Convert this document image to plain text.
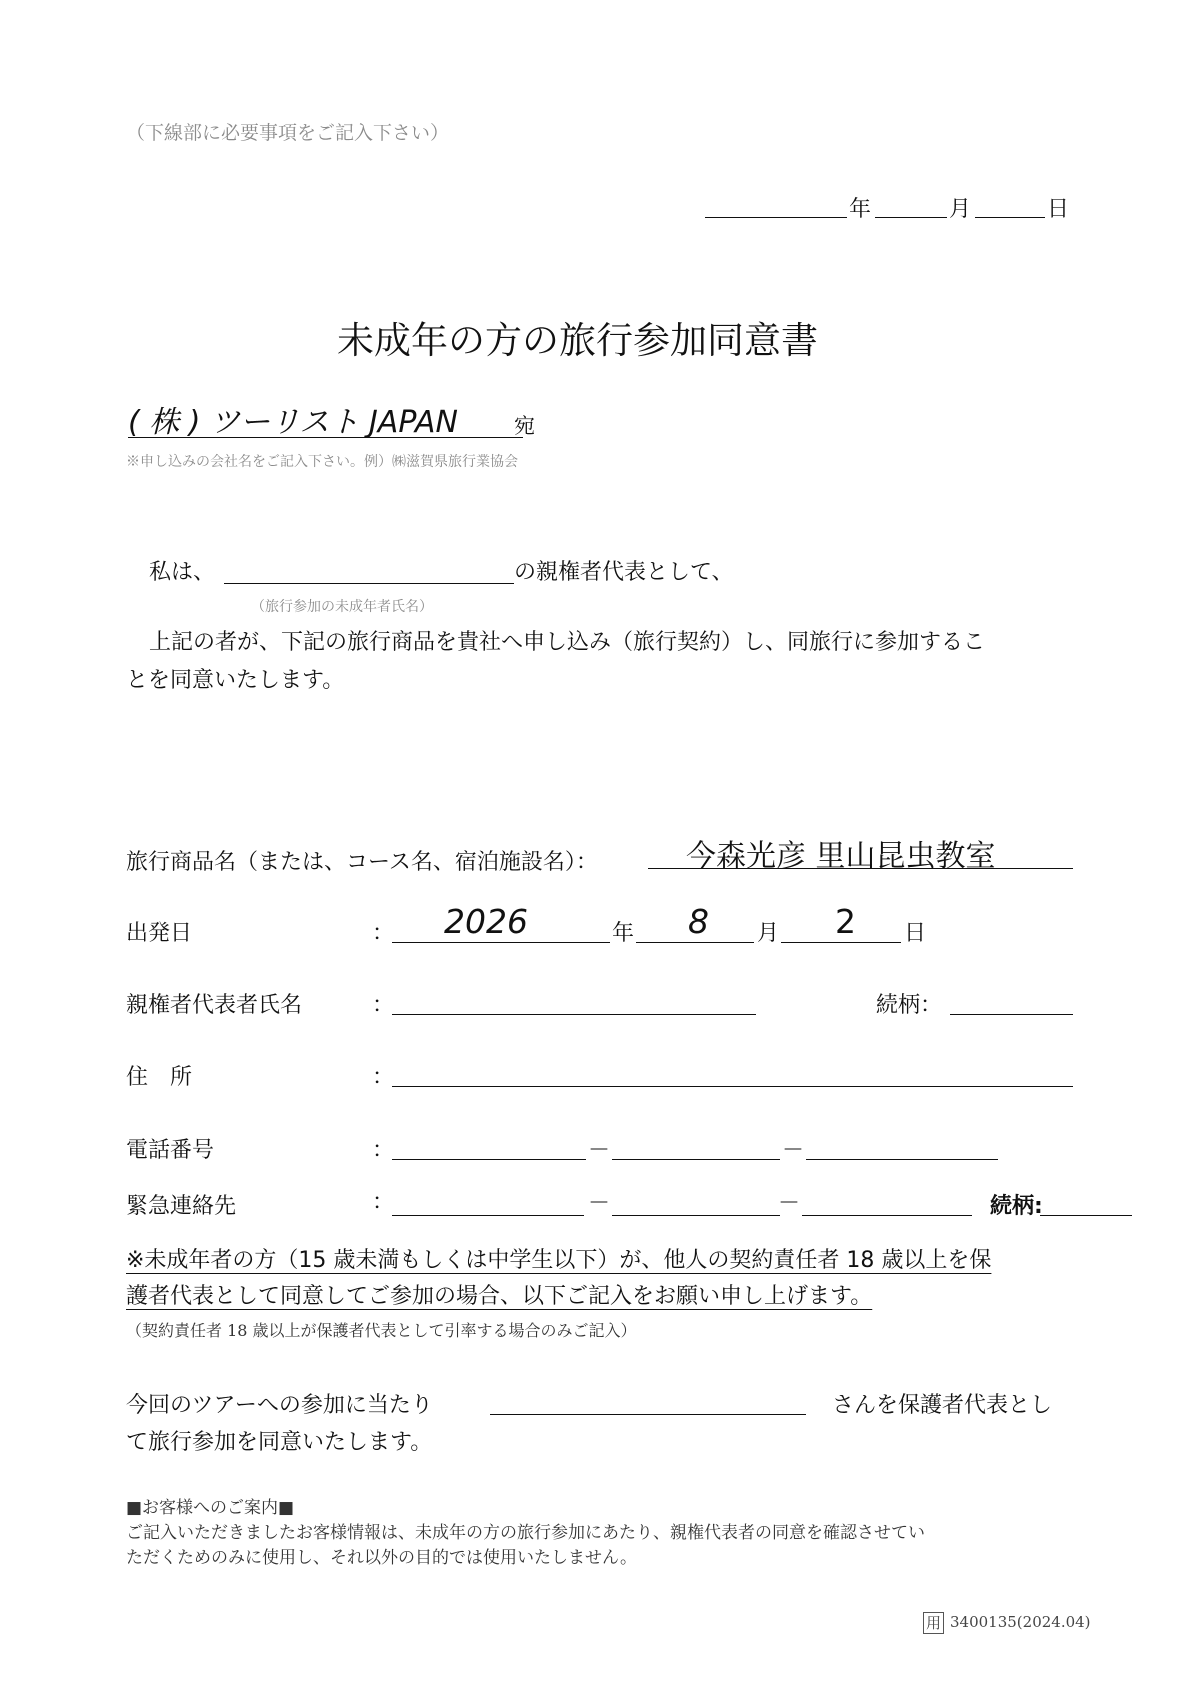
（下線部に必要事項をご記入下さい）
年	月	日
未成年の方の旅行参加同意書
( 株 ) ツーリスト JAPAN	宛
※申し込みの会社名をご記入下さい。例）㈱滋賀県旅行業協会
私は、	の親権者代表として、
（旅行参加の未成年者氏名）
上記の者が、下記の旅行商品を貴社へ申し込み（旅行契約）し、同旅行に参加するこ
とを同意いたします。
旅行商品名（または、コース名、宿泊施設名）：	今森光彦 里山昆虫教室
出発日	： 2026	年 8 月 2 日
親権者代表者氏名	：	続柄：
住　所	：
電話番号	：	－	－
緊急連絡先	：	－	－	続柄:
※未成年者の方（15 歳未満もしくは中学生以下）が、他人の契約責任者 18 歳以上を保
護者代表として同意してご参加の場合、以下ご記入をお願い申し上げます。
（契約責任者 18 歳以上が保護者代表として引率する場合のみご記入）
今回のツアーへの参加に当たり	さんを保護者代表とし
て旅行参加を同意いたします。
■お客様へのご案内■
ご記入いただきましたお客様情報は、未成年の方の旅行参加にあたり、親権代表者の同意を確認させてい
ただくためのみに使用し、それ以外の目的では使用いたしません。
用 3400135(2024.04)
